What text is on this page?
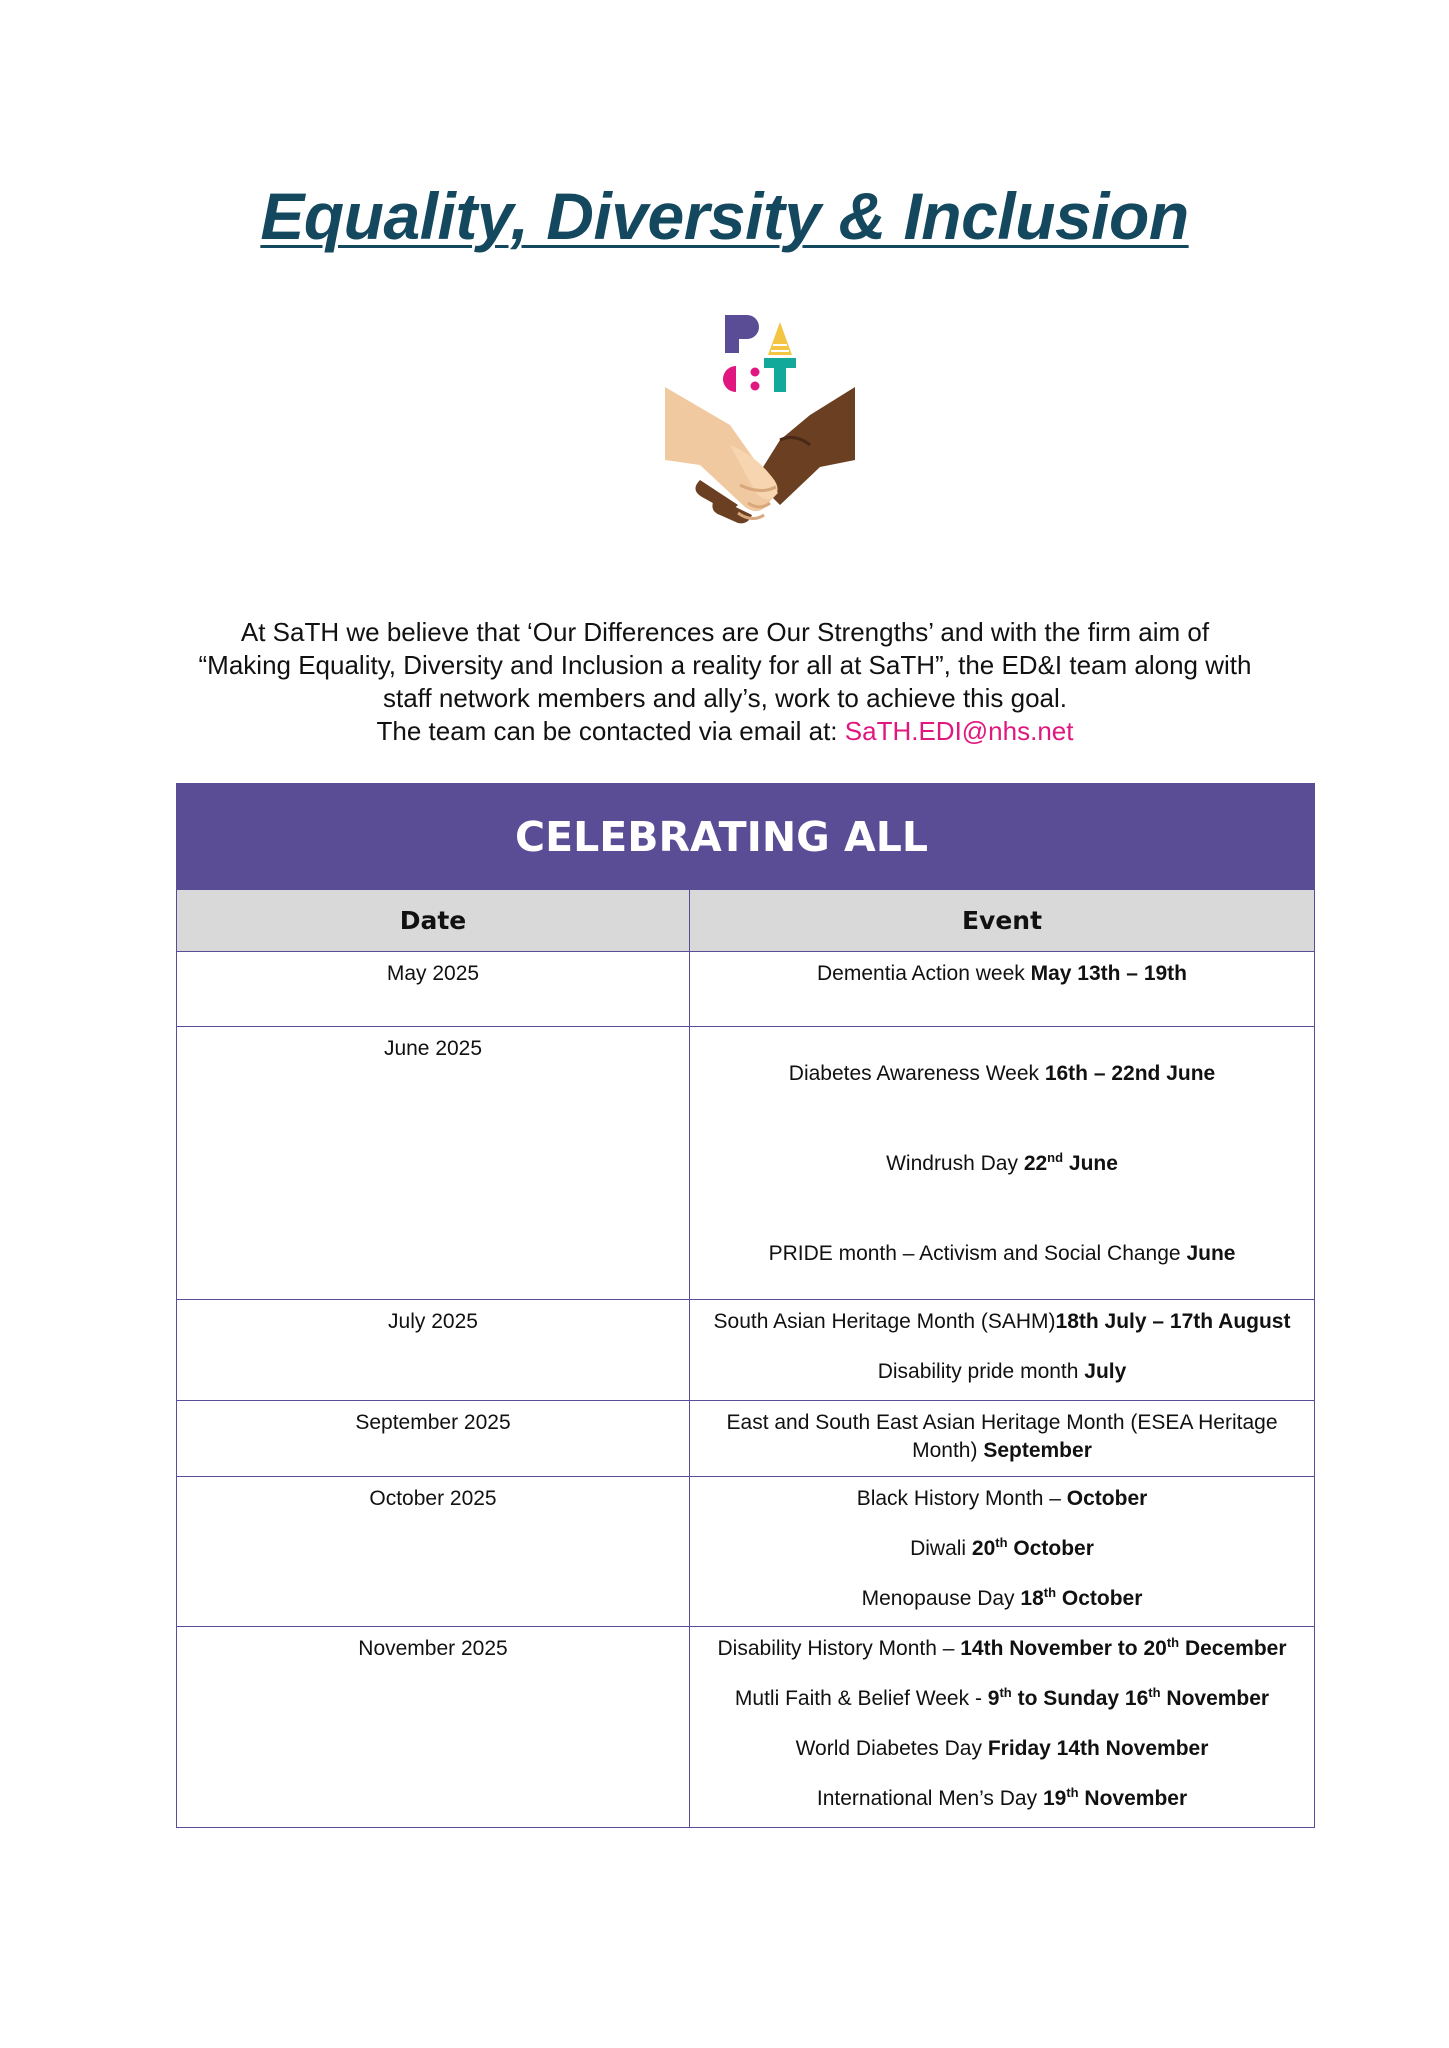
Equality, Diversity & Inclusion

At SaTH we believe that ‘Our Differences are Our Strengths’ and with the firm aim of

“Making Equality, Diversity and Inclusion a reality for all at SaTH”, the ED&I team along with

staff network members and ally’s, work to achieve this goal.

The team can be contacted via email at: SaTH.EDI@nhs.net

CELEBRATING ALL	

Date	Event
May 2025	Dementia Action week May 13th – 19th

June 2025	Diabetes Awareness Week 16th – 22nd June
Windrush Day 22nd June
PRIDE month – Activism and Social Change June

July 2025	South Asian Heritage Month (SAHM)18th July – 17th August
Disability pride month July

September 2025	East and South East Asian Heritage Month (ESEA Heritage
Month) September

October 2025	Black History Month – October
Diwali 20th October
Menopause Day 18th October

November 2025	Disability History Month – 14th November to 20th December
Mutli Faith & Belief Week - 9th to Sunday 16th November
World Diabetes Day Friday 14th November
International Men’s Day 19th November
